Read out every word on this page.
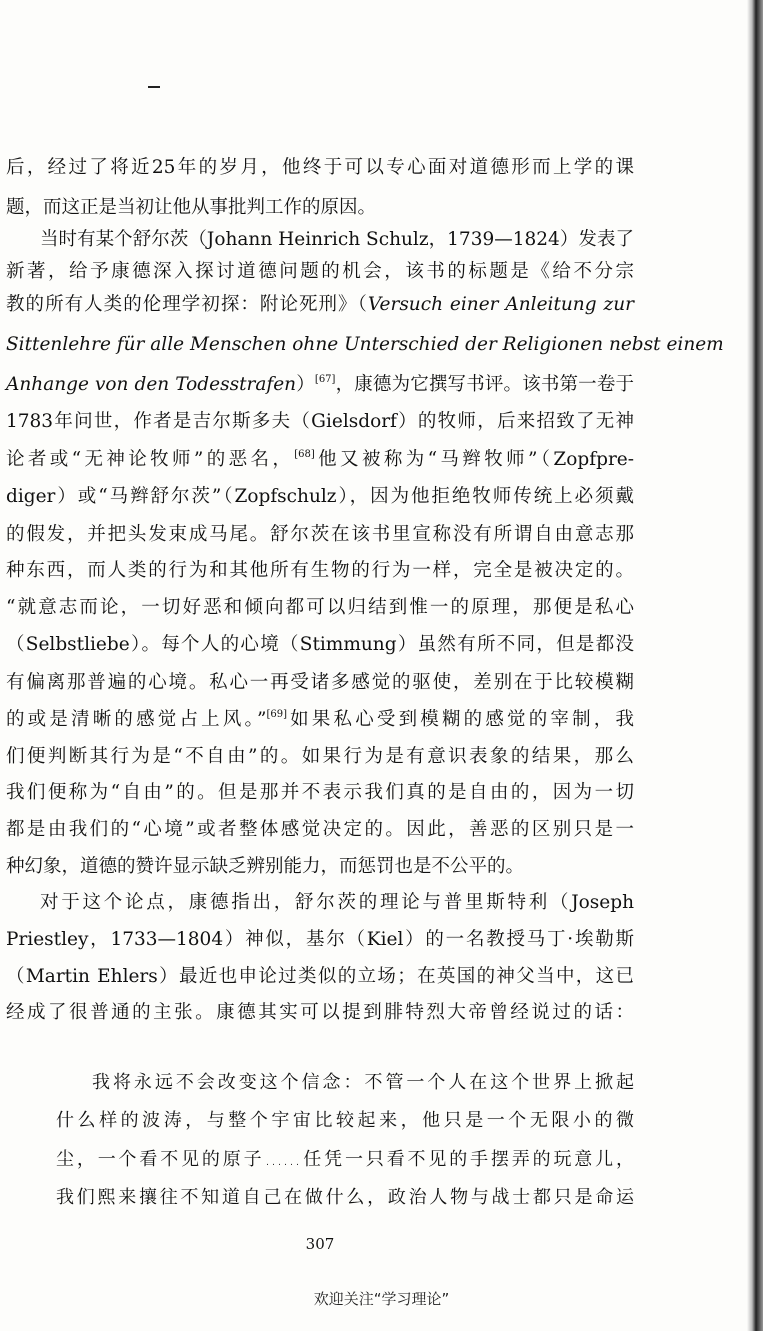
后，经过了将近25年的岁月，他终于可以专心面对道德形而上学的课
题，而这正是当初让他从事批判工作的原因。
当时有某个舒尔茨（Johann Heinrich Schulz，1739—1824）发表了
新著，给予康德深入探讨道德问题的机会，该书的标题是《给不分宗
教的所有人类的伦理学初探：附论死刑》（Versuch einer Anleitung zur
Sittenlehre für alle Menschen ohne Unterschied der Religionen nebst einem
Anhange von den Todesstrafen）[67]，康德为它撰写书评。该书第一卷于
1783年问世，作者是吉尔斯多夫（Gielsdorf）的牧师，后来招致了无神
论者或“无神论牧师”的恶名，[68]他又被称为“马辫牧师”（Zopfpre-
diger）或“马辫舒尔茨”（Zopfschulz），因为他拒绝牧师传统上必须戴
的假发，并把头发束成马尾。舒尔茨在该书里宣称没有所谓自由意志那
种东西，而人类的行为和其他所有生物的行为一样，完全是被决定的。
“就意志而论，一切好恶和倾向都可以归结到惟一的原理，那便是私心
（Selbstliebe）。每个人的心境（Stimmung）虽然有所不同，但是都没
有偏离那普遍的心境。私心一再受诸多感觉的驱使，差别在于比较模糊
的或是清晰的感觉占上风。”[69]如果私心受到模糊的感觉的宰制，我
们便判断其行为是“不自由”的。如果行为是有意识表象的结果，那么
我们便称为“自由”的。但是那并不表示我们真的是自由的，因为一切
都是由我们的“心境”或者整体感觉决定的。因此，善恶的区别只是一
种幻象，道德的赞许显示缺乏辨别能力，而惩罚也是不公平的。
对于这个论点，康德指出，舒尔茨的理论与普里斯特利（Joseph
Priestley，1733—1804）神似，基尔（Kiel）的一名教授马丁·埃勒斯
（Martin Ehlers）最近也申论过类似的立场；在英国的神父当中，这已
经成了很普通的主张。康德其实可以提到腓特烈大帝曾经说过的话：
我将永远不会改变这个信念：不管一个人在这个世界上掀起
什么样的波涛，与整个宇宙比较起来，他只是一个无限小的微
尘，一个看不见的原子……任凭一只看不见的手摆弄的玩意儿，
我们熙来攘往不知道自己在做什么，政治人物与战士都只是命运
307
欢迎关注“学习理论”
